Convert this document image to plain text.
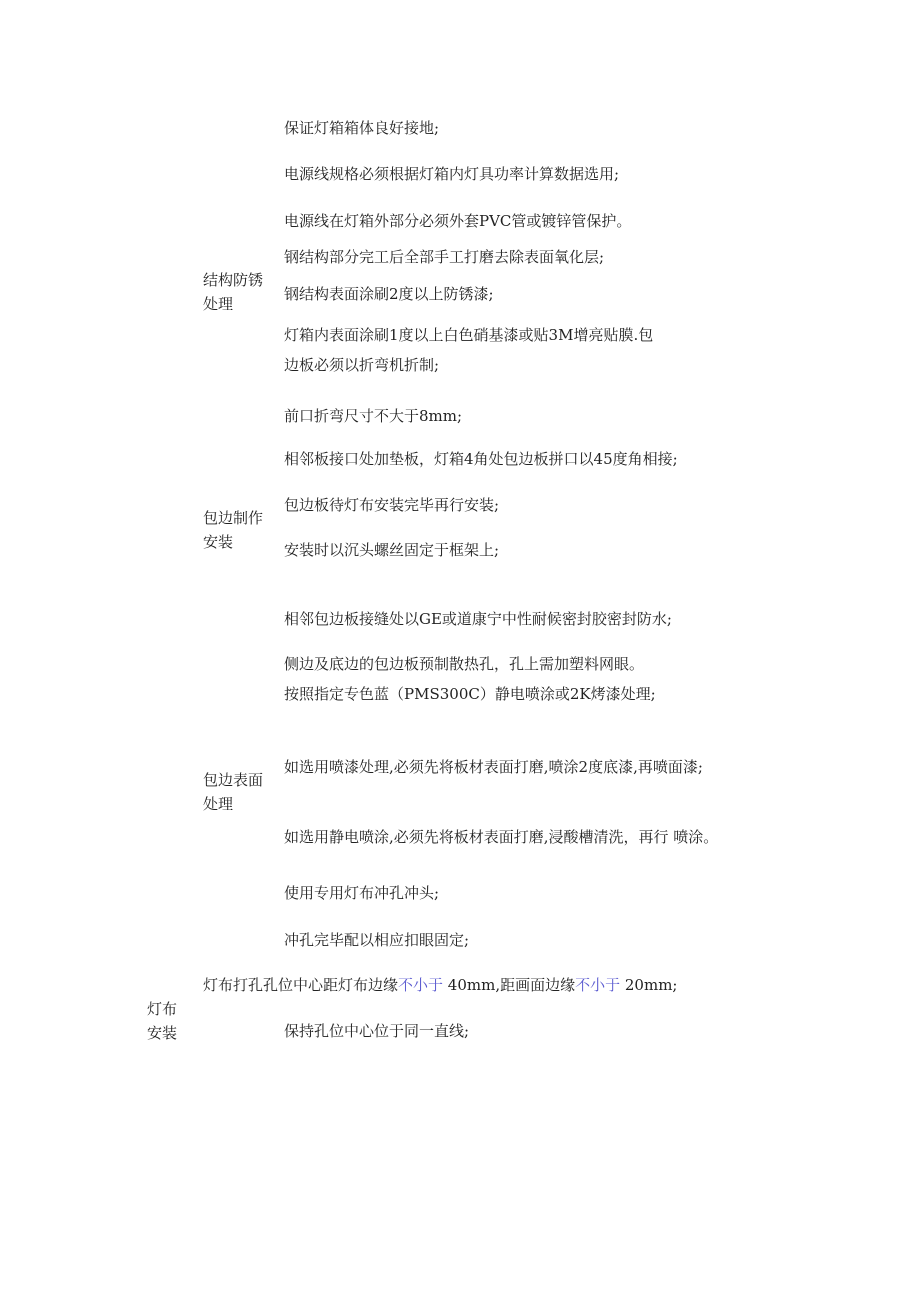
保证灯箱箱体良好接地;

电源线规格必须根据灯箱内灯具功率计算数据选用;

电源线在灯箱外部分必须外套PVC管或镀锌管保护。

结构防锈
处理

钢结构部分完工后全部手工打磨去除表面氧化层;

钢结构表面涂刷2度以上防锈漆;

灯箱内表面涂刷1度以上白色硝基漆或贴3M增亮贴膜.包

边板必须以折弯机折制;

包边制作
安装

前口折弯尺寸不大于8mm;

相邻板接口处加垫板，灯箱4角处包边板拼口以45度角相接;

包边板待灯布安装完毕再行安装;

安装时以沉头螺丝固定于框架上;

相邻包边板接缝处以GE或道康宁中性耐候密封胶密封防水;

侧边及底边的包边板预制散热孔，孔上需加塑料网眼。

包边表面
处理

按照指定专色蓝（PMS300C）静电喷涂或2K烤漆处理;

如选用喷漆处理,必须先将板材表面打磨,喷涂2度底漆,再喷面漆;

如选用静电喷涂,必须先将板材表面打磨,浸酸槽清洗，再行 喷涂。

使用专用灯布冲孔冲头;

冲孔完毕配以相应扣眼固定;

灯布打孔孔位中心距灯布边缘不小于 40mm,距画面边缘不小于 20mm;

灯布
安装	保持孔位中心位于同一直线;
